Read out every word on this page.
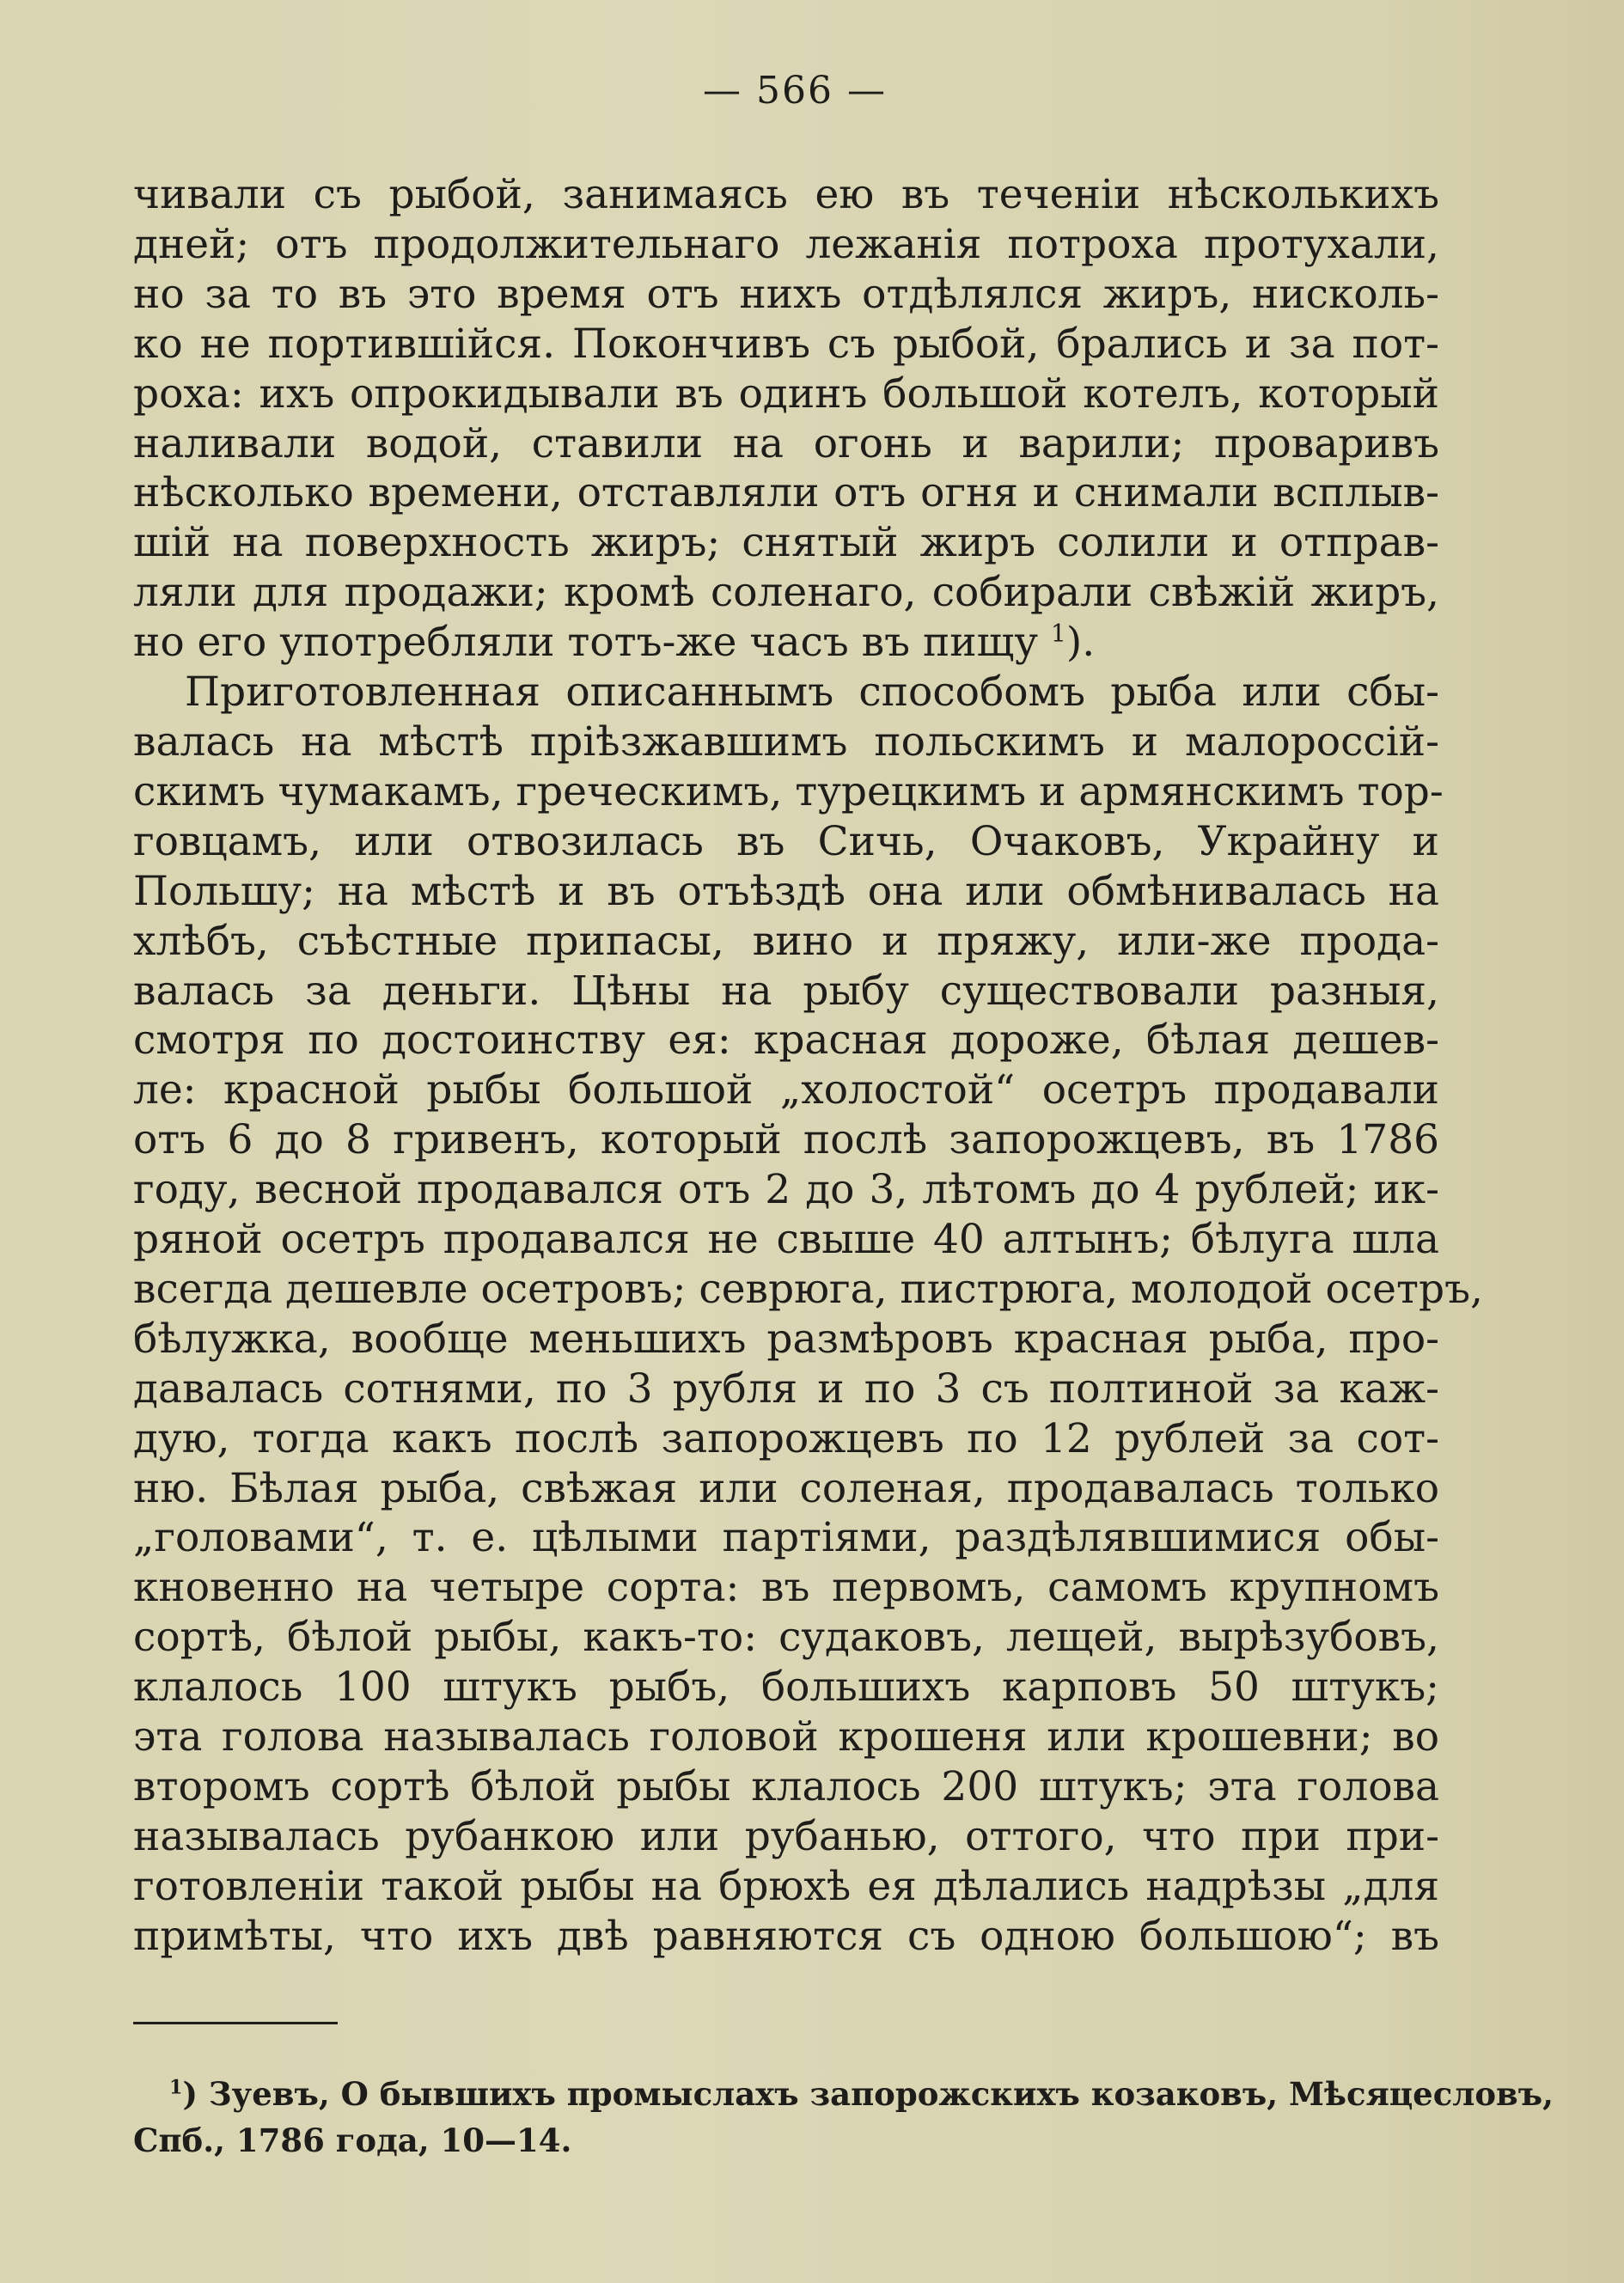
— 566 —
чивали съ рыбой, занимаясь ею въ теченіи нѣсколькихъ
дней; отъ продолжительнаго лежанія потроха протухали,
но за то въ это время отъ нихъ отдѣлялся жиръ, нисколь-
ко не портившійся. Покончивъ съ рыбой, брались и за пот-
роха: ихъ опрокидывали въ одинъ большой котелъ, который
наливали водой, ставили на огонь и варили; проваривъ
нѣсколько времени, отставляли отъ огня и снимали всплыв-
шій на поверхность жиръ; снятый жиръ солили и отправ-
ляли для продажи; кромѣ соленаго, собирали свѣжій жиръ,
но его употребляли тотъ-же часъ въ пищу $^1$).
Приготовленная описаннымъ способомъ рыба или сбы-
валась на мѣстѣ пріѣзжавшимъ польскимъ и малороссій-
скимъ чумакамъ, греческимъ, турецкимъ и армянскимъ тор-
говцамъ, или отвозилась въ Сичь, Очаковъ, Украйну и
Польшу; на мѣстѣ и въ отъѣздѣ она или обмѣнивалась на
хлѣбъ, съѣстные припасы, вино и пряжу, или-же прода-
валась за деньги. Цѣны на рыбу существовали разныя,
смотря по достоинству ея: красная дороже, бѣлая дешев-
ле: красной рыбы большой „холостой“ осетръ продавали
отъ 6 до 8 гривенъ, который послѣ запорожцевъ, въ 1786
году, весной продавался отъ 2 до 3, лѣтомъ до 4 рублей; ик-
ряной осетръ продавался не свыше 40 алтынъ; бѣлуга шла
всегда дешевле осетровъ; севрюга, пистрюга, молодой осетръ,
бѣлужка, вообще меньшихъ размѣровъ красная рыба, про-
давалась сотнями, по 3 рубля и по 3 съ полтиной за каж-
дую, тогда какъ послѣ запорожцевъ по 12 рублей за сот-
ню. Бѣлая рыба, свѣжая или соленая, продавалась только
„головами“, т. е. цѣлыми партіями, раздѣлявшимися обы-
кновенно на четыре сорта: въ первомъ, самомъ крупномъ
сортѣ, бѣлой рыбы, какъ-то: судаковъ, лещей, вырѣзубовъ,
клалось 100 штукъ рыбъ, большихъ карповъ 50 штукъ;
эта голова называлась головой крошеня или крошевни; во
второмъ сортѣ бѣлой рыбы клалось 200 штукъ; эта голова
называлась рубанкою или рубанью, оттого, что при при-
готовленіи такой рыбы на брюхѣ ея дѣлались надрѣзы „для
примѣты, что ихъ двѣ равняются съ одною большою“; въ
$^1$) Зуевъ, О бывшихъ промыслахъ запорожскихъ козаковъ, Мѣсяцесловъ,
Спб., 1786 года, 10—14.
